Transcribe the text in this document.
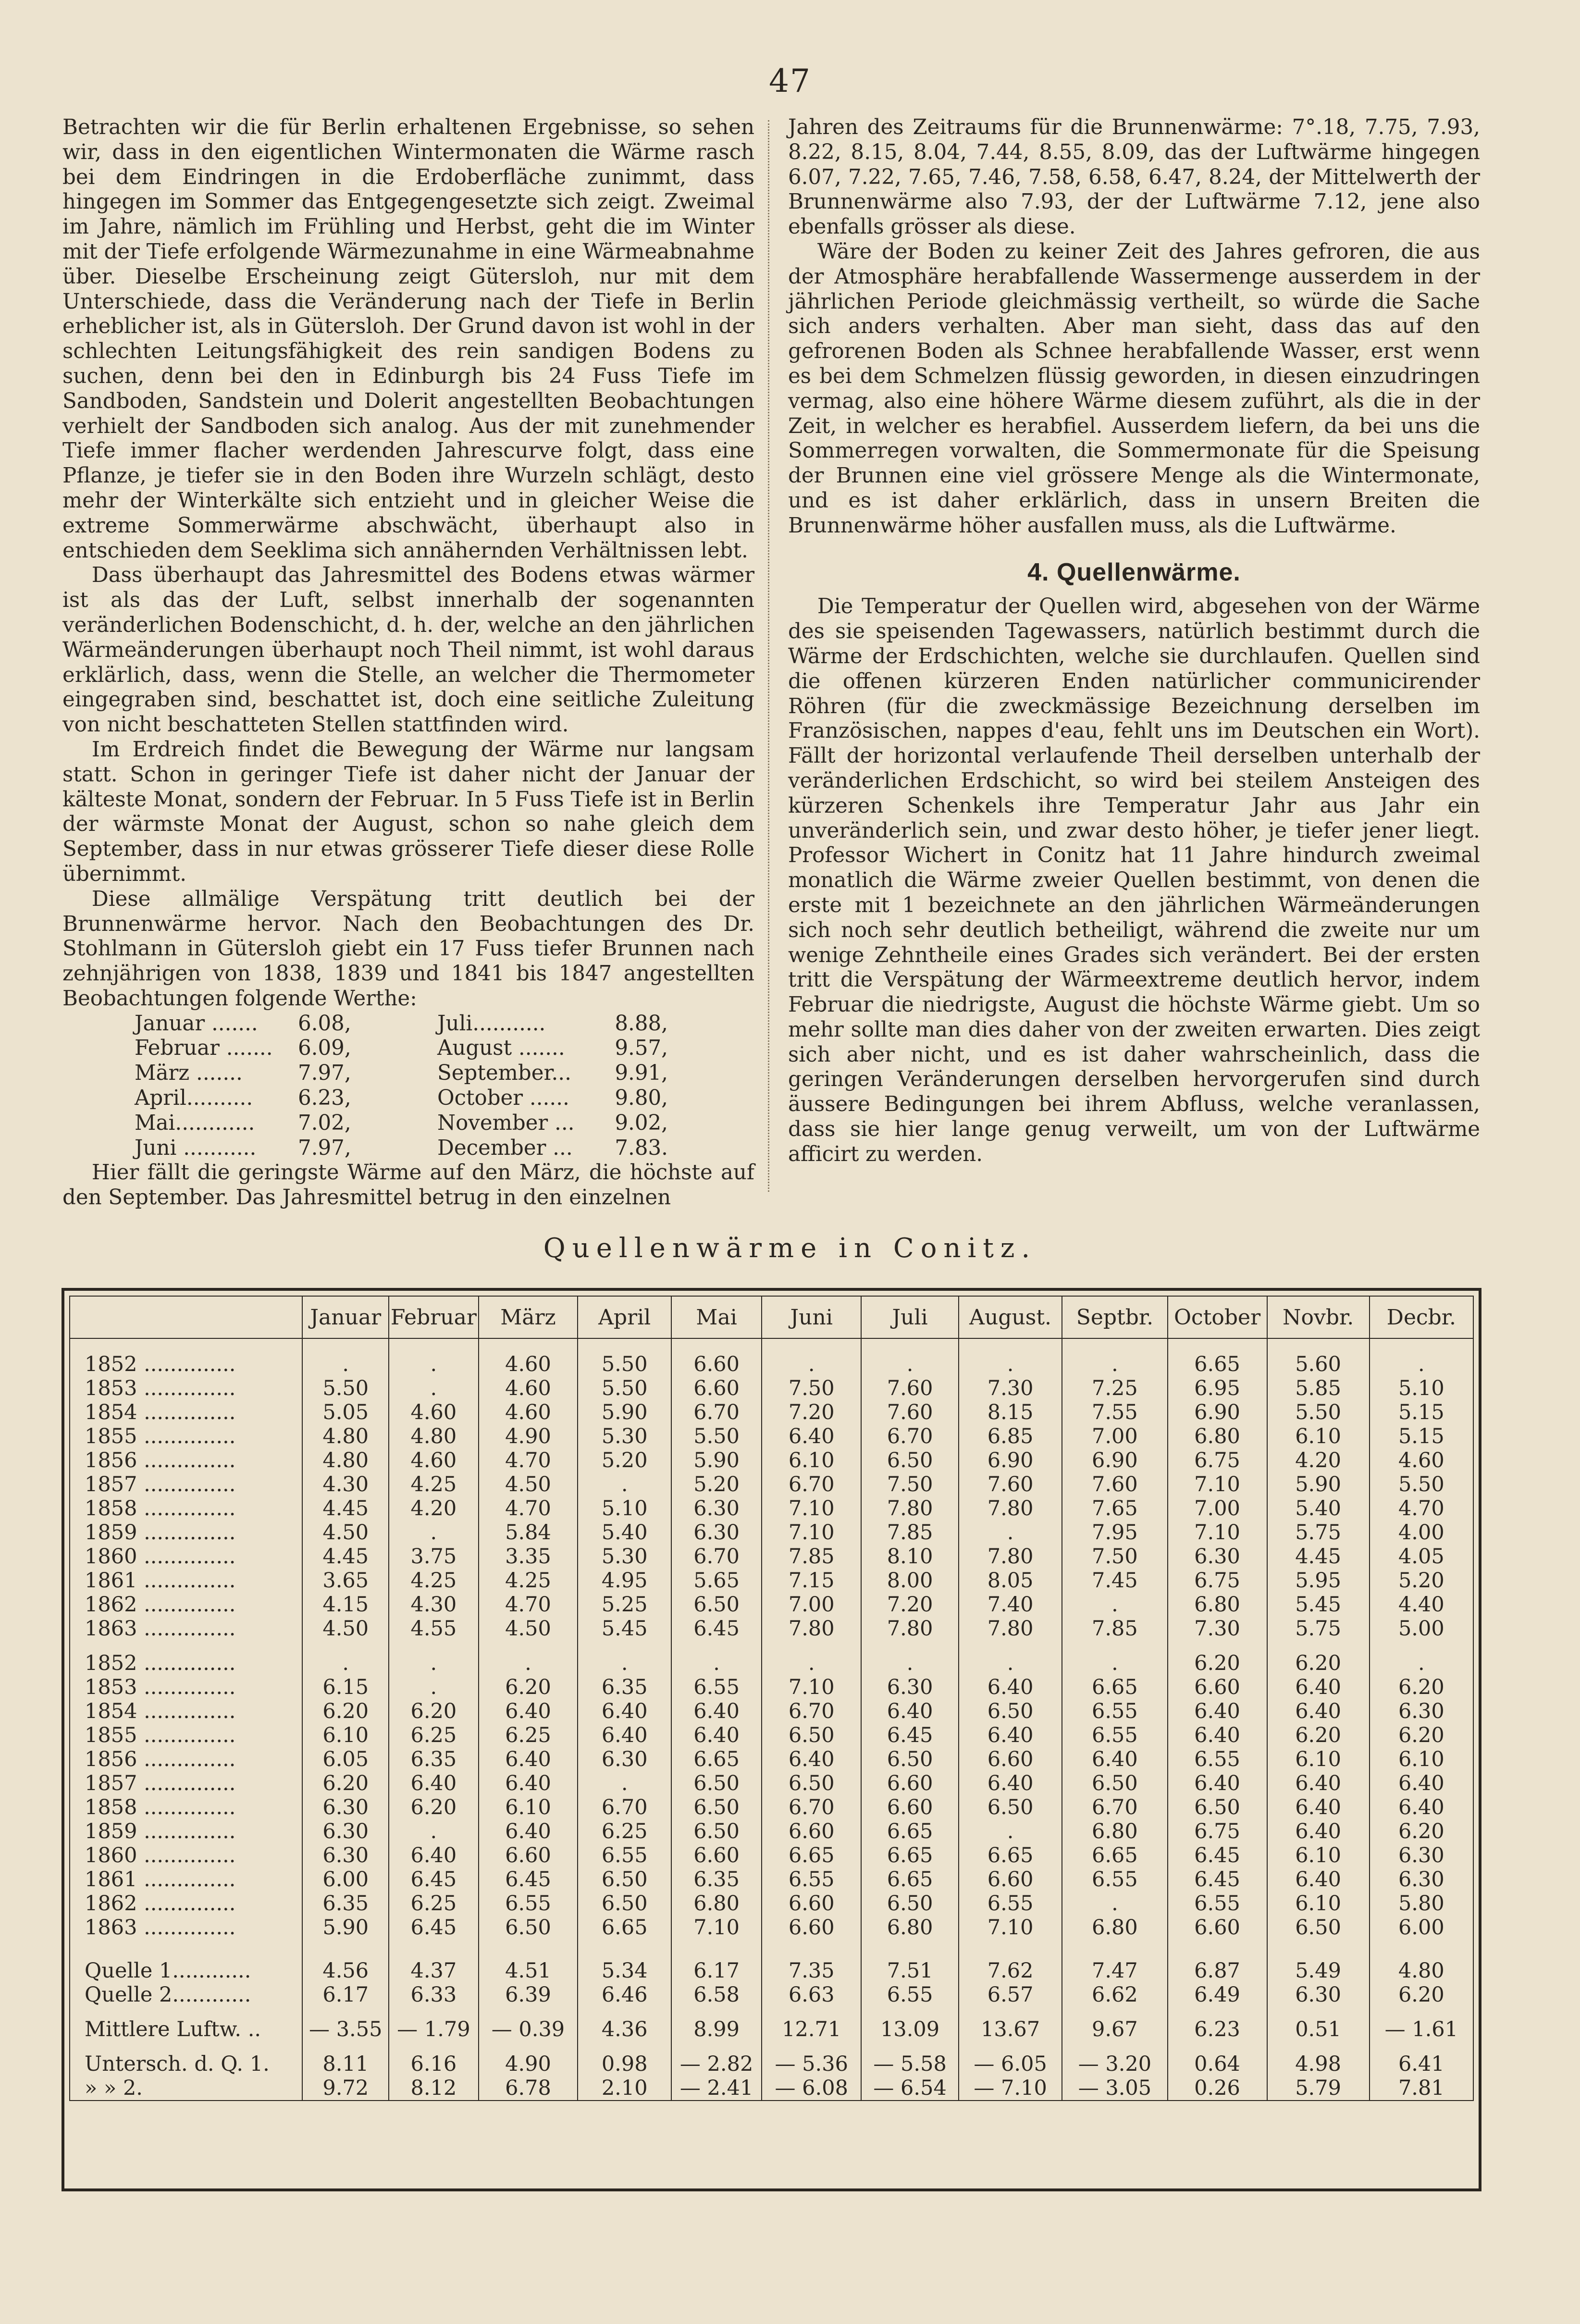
47

Betrachten wir die für Berlin erhaltenen Ergebnisse, so sehen wir, dass in den eigentlichen Wintermonaten die Wärme rasch bei dem Eindringen in die Erdoberfläche zunimmt, dass hingegen im Sommer das Entgegengesetzte sich zeigt. Zweimal im Jahre, nämlich im Frühling und Herbst, geht die im Winter mit der Tiefe erfolgende Wärmezunahme in eine Wärmeabnahme über. Dieselbe Erscheinung zeigt Gütersloh, nur mit dem Unterschiede, dass die Veränderung nach der Tiefe in Berlin erheblicher ist, als in Gütersloh. Der Grund davon ist wohl in der schlechten Leitungsfähigkeit des rein sandigen Bodens zu suchen, denn bei den in Edinburgh bis 24 Fuss Tiefe im Sandboden, Sandstein und Dolerit angestellten Beobachtungen verhielt der Sandboden sich analog. Aus der mit zunehmender Tiefe immer flacher werdenden Jahrescurve folgt, dass eine Pflanze, je tiefer sie in den Boden ihre Wurzeln schlägt, desto mehr der Winterkälte sich entzieht und in gleicher Weise die extreme Sommerwärme abschwächt, überhaupt also in entschieden dem Seeklima sich annähernden Verhältnissen lebt.

Dass überhaupt das Jahresmittel des Bodens etwas wärmer ist als das der Luft, selbst innerhalb der sogenannten veränderlichen Bodenschicht, d. h. der, welche an den jährlichen Wärmeänderungen überhaupt noch Theil nimmt, ist wohl daraus erklärlich, dass, wenn die Stelle, an welcher die Thermometer eingegraben sind, beschattet ist, doch eine seitliche Zuleitung von nicht beschatteten Stellen stattfinden wird.

Im Erdreich findet die Bewegung der Wärme nur langsam statt. Schon in geringer Tiefe ist daher nicht der Januar der kälteste Monat, sondern der Februar. In 5 Fuss Tiefe ist in Berlin der wärmste Monat der August, schon so nahe gleich dem September, dass in nur etwas grösserer Tiefe dieser diese Rolle übernimmt.

Diese allmälige Verspätung tritt deutlich bei der Brunnenwärme hervor. Nach den Beobachtungen des Dr. Stohlmann in Gütersloh giebt ein 17 Fuss tiefer Brunnen nach zehnjährigen von 1838, 1839 und 1841 bis 1847 angestellten Beobachtungen folgende Werthe:

Januar .......	6.08,	Juli...........	8.88,
Februar .......	6.09,	August .......	9.57,
März .......	7.97,	September...	9.91,
April..........	6.23,	October ......	9.80,
Mai............	7.02,	November ...	9.02,
Juni ...........	7.97,	December ...	7.83.

Hier fällt die geringste Wärme auf den März, die höchste auf den September. Das Jahresmittel betrug in den einzelnen

Jahren des Zeitraums für die Brunnenwärme: 7°.18, 7.75, 7.93, 8.22, 8.15, 8.04, 7.44, 8.55, 8.09, das der Luftwärme hingegen 6.07, 7.22, 7.65, 7.46, 7.58, 6.58, 6.47, 8.24, der Mittelwerth der Brunnenwärme also 7.93, der der Luftwärme 7.12, jene also ebenfalls grösser als diese.

Wäre der Boden zu keiner Zeit des Jahres gefroren, die aus der Atmosphäre herabfallende Wassermenge ausserdem in der jährlichen Periode gleichmässig vertheilt, so würde die Sache sich anders verhalten. Aber man sieht, dass das auf den gefrorenen Boden als Schnee herabfallende Wasser, erst wenn es bei dem Schmelzen flüssig geworden, in diesen einzudringen vermag, also eine höhere Wärme diesem zuführt, als die in der Zeit, in welcher es herabfiel. Ausserdem liefern, da bei uns die Sommerregen vorwalten, die Sommermonate für die Speisung der Brunnen eine viel grössere Menge als die Wintermonate, und es ist daher erklärlich, dass in unsern Breiten die Brunnenwärme höher ausfallen muss, als die Luftwärme.

4. Quellenwärme.

Die Temperatur der Quellen wird, abgesehen von der Wärme des sie speisenden Tagewassers, natürlich bestimmt durch die Wärme der Erdschichten, welche sie durchlaufen. Quellen sind die offenen kürzeren Enden natürlicher communicirender Röhren (für die zweckmässige Bezeichnung derselben im Französischen, nappes d'eau, fehlt uns im Deutschen ein Wort). Fällt der horizontal verlaufende Theil derselben unterhalb der veränderlichen Erdschicht, so wird bei steilem Ansteigen des kürzeren Schenkels ihre Temperatur Jahr aus Jahr ein unveränderlich sein, und zwar desto höher, je tiefer jener liegt. Professor Wichert in Conitz hat 11 Jahre hindurch zweimal monatlich die Wärme zweier Quellen bestimmt, von denen die erste mit 1 bezeichnete an den jährlichen Wärmeänderungen sich noch sehr deutlich betheiligt, während die zweite nur um wenige Zehntheile eines Grades sich verändert. Bei der ersten tritt die Verspätung der Wärmeextreme deutlich hervor, indem Februar die niedrigste, August die höchste Wärme giebt. Um so mehr sollte man dies daher von der zweiten erwarten. Dies zeigt sich aber nicht, und es ist daher wahrscheinlich, dass die geringen Veränderungen derselben hervorgerufen sind durch äussere Bedingungen bei ihrem Abfluss, welche veranlassen, dass sie hier lange genug verweilt, um von der Luftwärme afficirt zu werden.

Quellenwärme in Conitz.
	Januar	Februar	März	April	Mai	Juni	Juli	August.	Septbr.	October	Novbr.	Decbr.

1852 ..............	.	.	4.60	5.50	6.60	.	.	.	.	6.65	5.60	.
1853 ..............	5.50	.	4.60	5.50	6.60	7.50	7.60	7.30	7.25	6.95	5.85	5.10
1854 ..............	5.05	4.60	4.60	5.90	6.70	7.20	7.60	8.15	7.55	6.90	5.50	5.15
1855 ..............	4.80	4.80	4.90	5.30	5.50	6.40	6.70	6.85	7.00	6.80	6.10	5.15
1856 ..............	4.80	4.60	4.70	5.20	5.90	6.10	6.50	6.90	6.90	6.75	4.20	4.60
1857 ..............	4.30	4.25	4.50	.	5.20	6.70	7.50	7.60	7.60	7.10	5.90	5.50
1858 ..............	4.45	4.20	4.70	5.10	6.30	7.10	7.80	7.80	7.65	7.00	5.40	4.70
1859 ..............	4.50	.	5.84	5.40	6.30	7.10	7.85	.	7.95	7.10	5.75	4.00
1860 ..............	4.45	3.75	3.35	5.30	6.70	7.85	8.10	7.80	7.50	6.30	4.45	4.05
1861 ..............	3.65	4.25	4.25	4.95	5.65	7.15	8.00	8.05	7.45	6.75	5.95	5.20
1862 ..............	4.15	4.30	4.70	5.25	6.50	7.00	7.20	7.40	.	6.80	5.45	4.40
1863 ..............	4.50	4.55	4.50	5.45	6.45	7.80	7.80	7.80	7.85	7.30	5.75	5.00

1852 ..............	.	.	.	.	.	.	.	.	.	6.20	6.20	.
1853 ..............	6.15	.	6.20	6.35	6.55	7.10	6.30	6.40	6.65	6.60	6.40	6.20
1854 ..............	6.20	6.20	6.40	6.40	6.40	6.70	6.40	6.50	6.55	6.40	6.40	6.30
1855 ..............	6.10	6.25	6.25	6.40	6.40	6.50	6.45	6.40	6.55	6.40	6.20	6.20
1856 ..............	6.05	6.35	6.40	6.30	6.65	6.40	6.50	6.60	6.40	6.55	6.10	6.10
1857 ..............	6.20	6.40	6.40	.	6.50	6.50	6.60	6.40	6.50	6.40	6.40	6.40
1858 ..............	6.30	6.20	6.10	6.70	6.50	6.70	6.60	6.50	6.70	6.50	6.40	6.40
1859 ..............	6.30	.	6.40	6.25	6.50	6.60	6.65	.	6.80	6.75	6.40	6.20
1860 ..............	6.30	6.40	6.60	6.55	6.60	6.65	6.65	6.65	6.65	6.45	6.10	6.30
1861 ..............	6.00	6.45	6.45	6.50	6.35	6.55	6.65	6.60	6.55	6.45	6.40	6.30
1862 ..............	6.35	6.25	6.55	6.50	6.80	6.60	6.50	6.55	.	6.55	6.10	5.80
1863 ..............	5.90	6.45	6.50	6.65	7.10	6.60	6.80	7.10	6.80	6.60	6.50	6.00

Quelle 1............	4.56	4.37	4.51	5.34	6.17	7.35	7.51	7.62	7.47	6.87	5.49	4.80
Quelle 2............	6.17	6.33	6.39	6.46	6.58	6.63	6.55	6.57	6.62	6.49	6.30	6.20

Mittlere Luftw. ..	— 3.55	— 1.79	— 0.39	4.36	8.99	12.71	13.09	13.67	9.67	6.23	0.51	— 1.61

Untersch. d. Q. 1.	8.11	6.16	4.90	0.98	— 2.82	— 5.36	— 5.58	— 6.05	— 3.20	0.64	4.98	6.41
» » 2.	9.72	8.12	6.78	2.10	— 2.41	— 6.08	— 6.54	— 7.10	— 3.05	0.26	5.79	7.81
